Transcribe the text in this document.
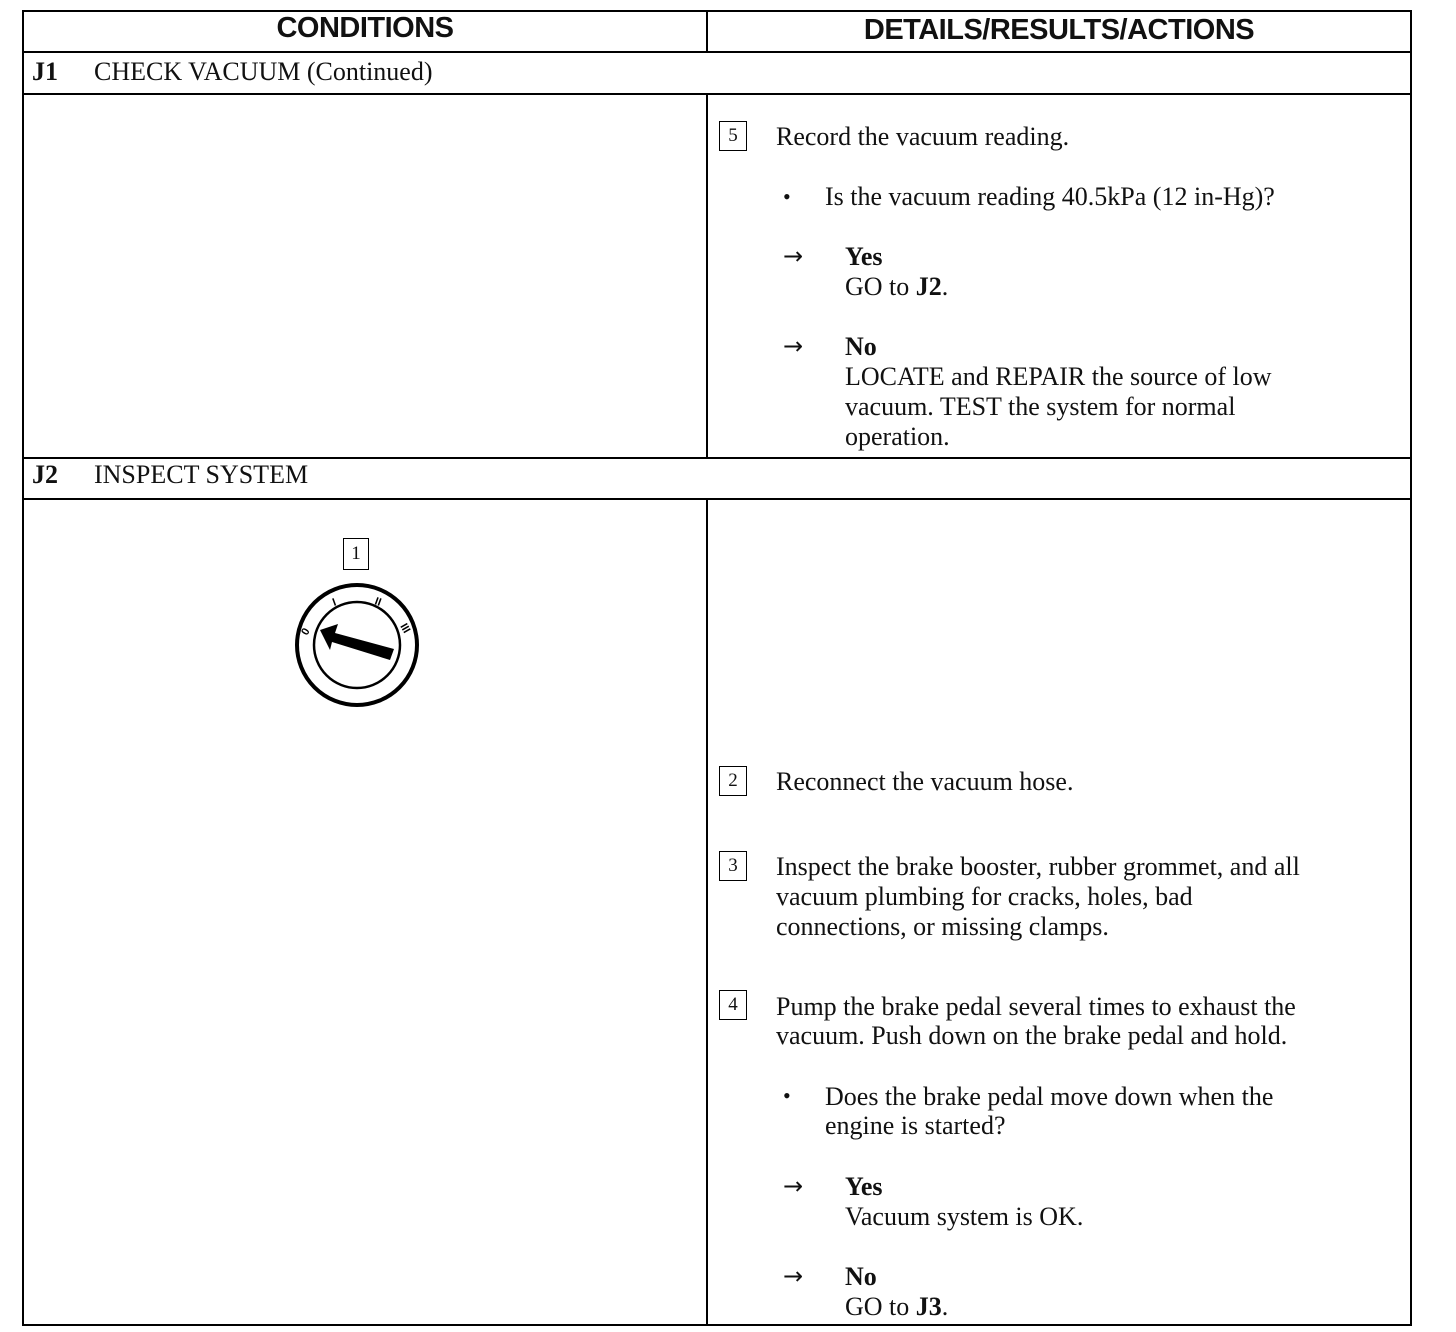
CONDITIONS	DETAILS/RESULTS/ACTIONS
J1 CHECK VACUUM (Continued)
5	Record the vacuum reading.
• Is the vacuum reading 40.5kPa (12 in-Hg)?
→ Yes
GO to J2.
→ No
LOCATE and REPAIR the source of low
vacuum. TEST the system for normal
operation.
J2 INSPECT SYSTEM
1
0
I	II
III
2	Reconnect the vacuum hose.
3	Inspect the brake booster, rubber grommet, and all
vacuum plumbing for cracks, holes, bad
connections, or missing clamps.
4	Pump the brake pedal several times to exhaust the
vacuum. Push down on the brake pedal and hold.
• Does the brake pedal move down when the
engine is started?
→ Yes
Vacuum system is OK.
→ No
GO to J3.
